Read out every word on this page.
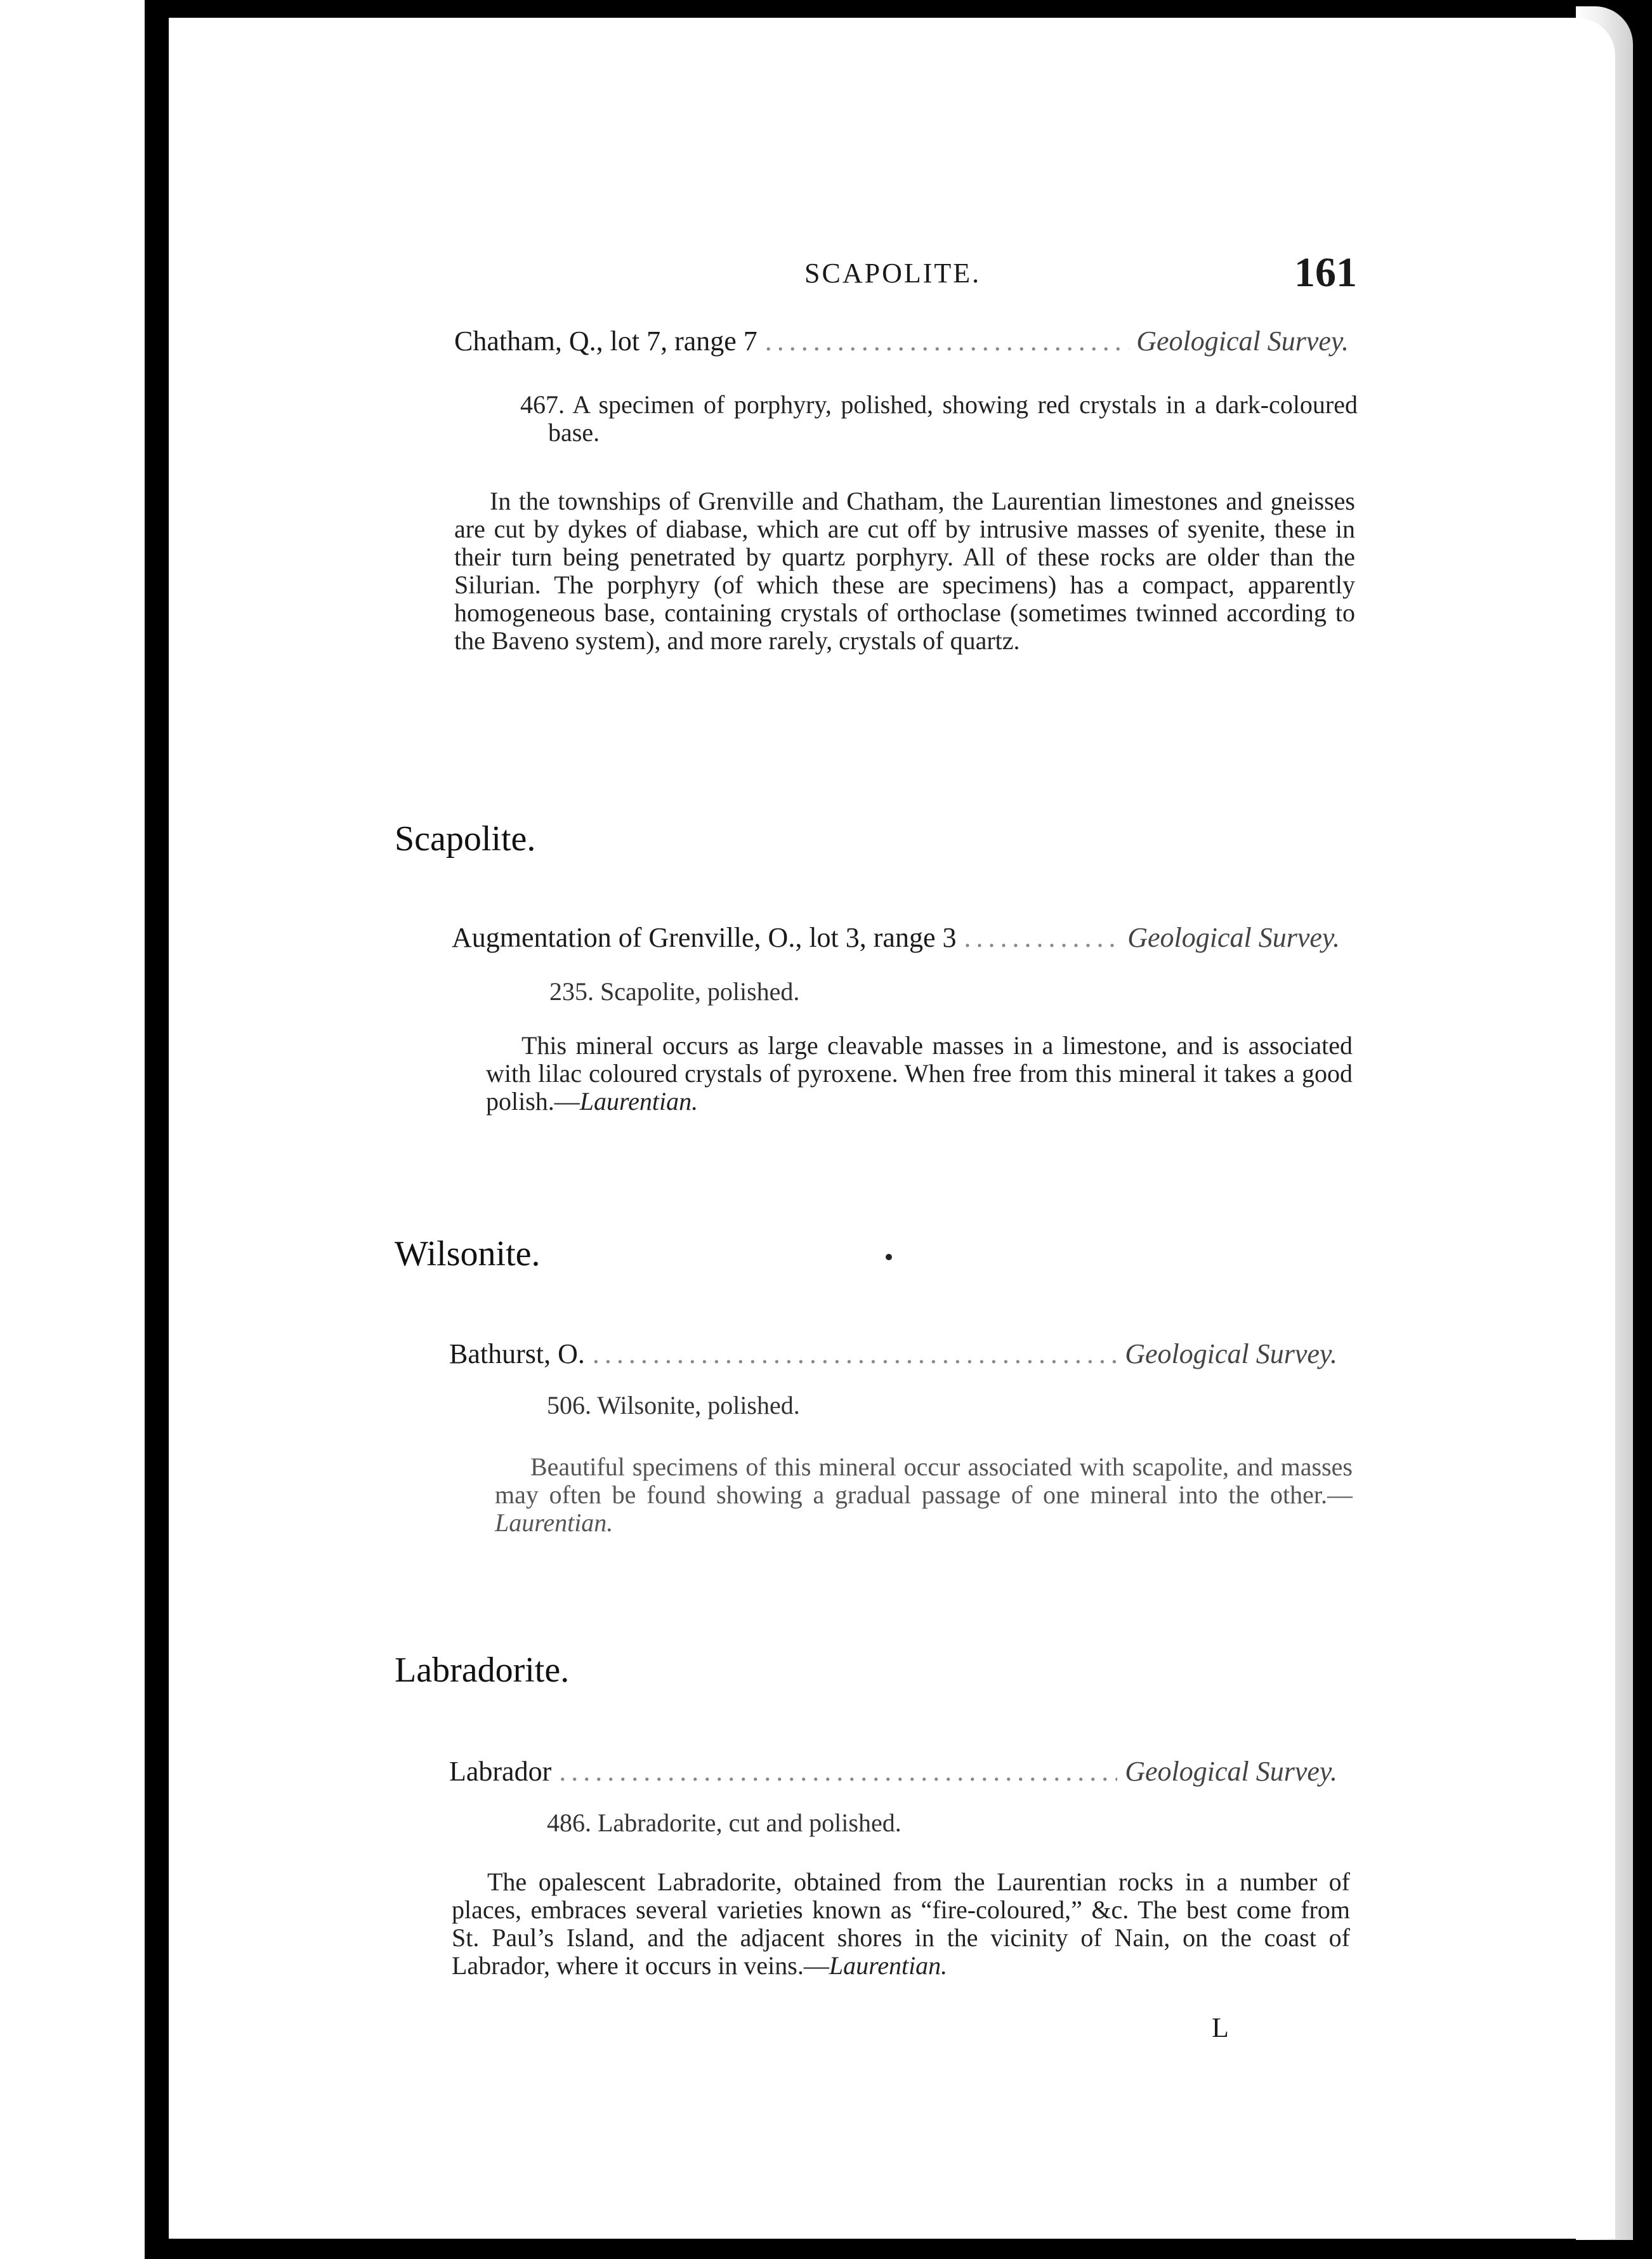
SCAPOLITE.	161
Chatham, Q., lot 7, range 7 .....	Geological Survey.

467. A specimen of porphyry, polished, showing red crystals in a dark-coloured base.

In the townships of Grenville and Chatham, the Laurentian limestones and gneisses are cut by dykes of diabase, which are cut off by intrusive masses of syenite, these in their turn being penetrated by quartz porphyry. All of these rocks are older than the Silurian. The porphyry (of which these are specimens) has a compact, apparently homogeneous base, containing crystals of orthoclase (sometimes twinned according to the Baveno system), and more rarely, crystals of quartz.

Scapolite.
Augmentation of Grenville, O., lot 3, range 3 .....	Geological Survey.
235. Scapolite, polished.

This mineral occurs as large cleavable masses in a limestone, and is associated with lilac coloured crystals of pyroxene. When free from this mineral it takes a good polish.—Laurentian.

Wilsonite.
Bathurst, O. .....	Geological Survey.
506. Wilsonite, polished.

Beautiful specimens of this mineral occur associated with scapolite, and masses may often be found showing a gradual passage of one mineral into the other.—Laurentian.

Labradorite.
Labrador .....	Geological Survey.
486. Labradorite, cut and polished.

The opalescent Labradorite, obtained from the Laurentian rocks in a number of places, embraces several varieties known as “fire-coloured,” &c. The best come from St. Paul’s Island, and the adjacent shores in the vicinity of Nain, on the coast of Labrador, where it occurs in veins.—Laurentian.

L
